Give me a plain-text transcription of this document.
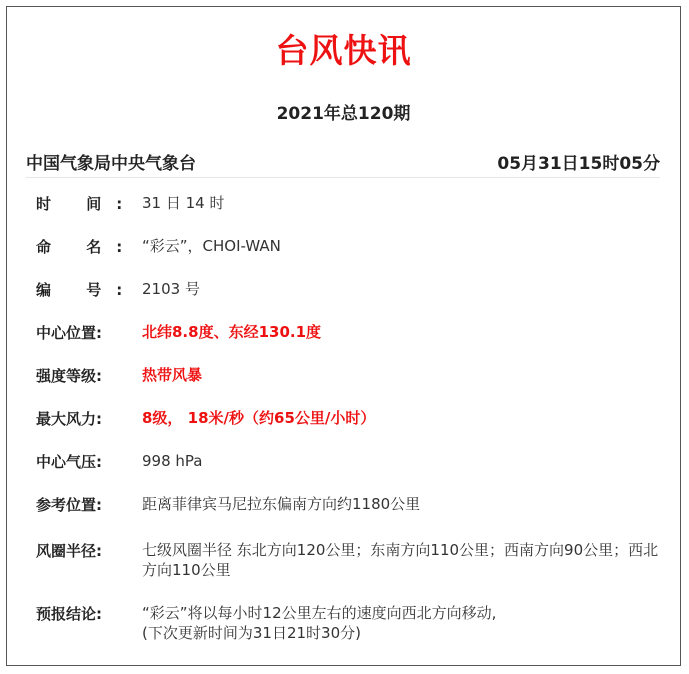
台风快讯
2021年总120期
中国气象局中央气象台	05月31日15时05分
时 间: 31 日 14 时
命 名: “彩云”，CHOI-WAN
编 号: 2103 号
中心位置:	北纬8.8度、东经130.1度
强度等级:	热带风暴
最大风力:	8级， 18米/秒（约65公里/小时）
中心气压:	998 hPa
参考位置:	距离菲律宾马尼拉东偏南方向约1180公里
风圈半径:	七级风圈半径 东北方向120公里；东南方向110公里；西南方向90公里；西北方向110公里
预报结论:	“彩云”将以每小时12公里左右的速度向西北方向移动,
(下次更新时间为31日21时30分)
